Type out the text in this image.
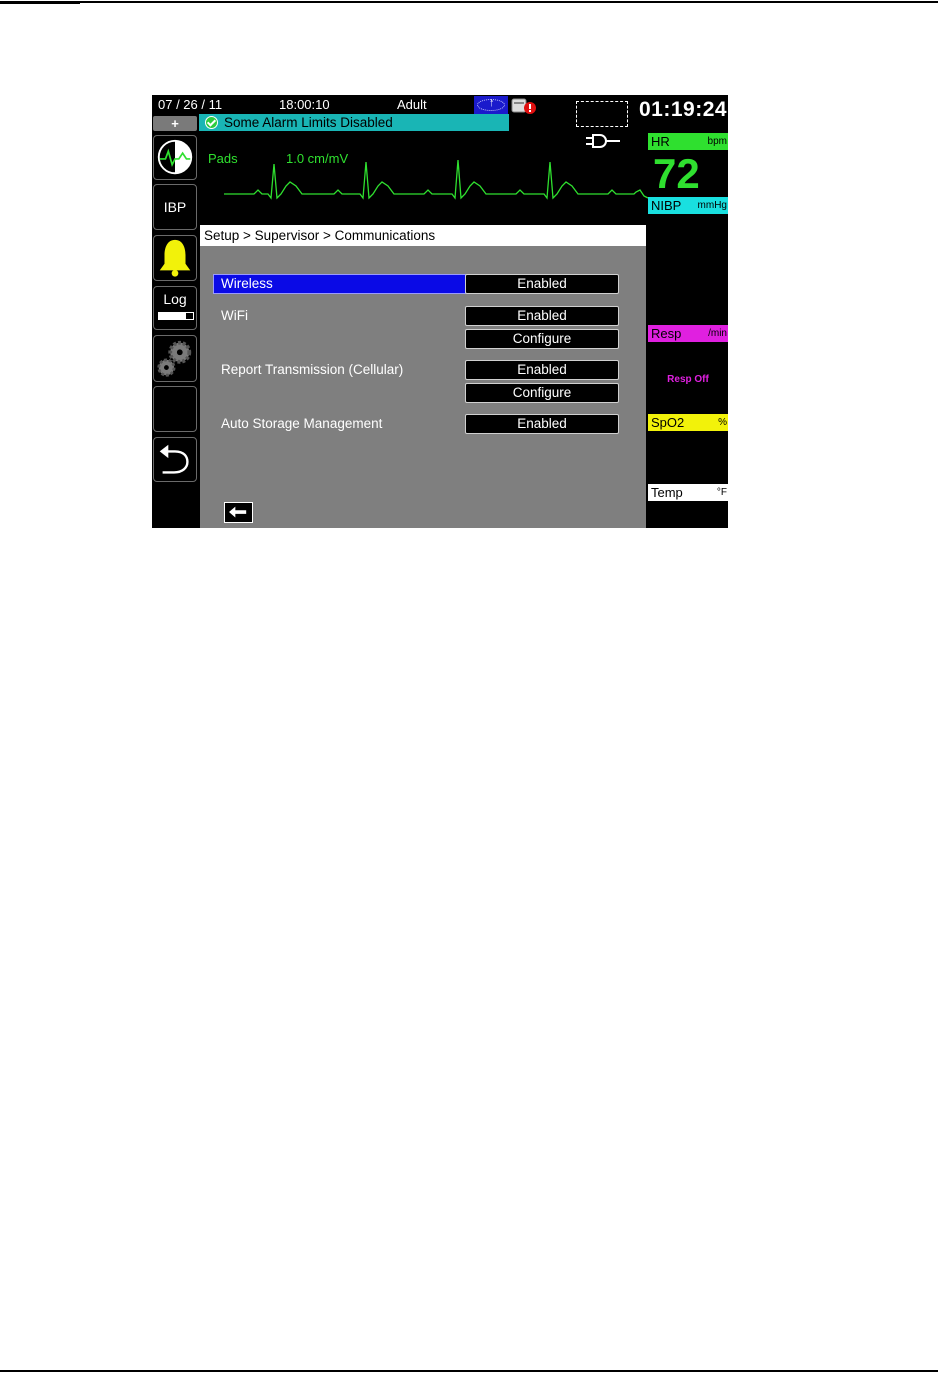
07 / 26 / 11	18:00:10	Adult	↑	01:19:24
+	Some Alarm Limits Disabled
Pads	1.0 cm/mV
IBP
Log
HR	bpm
72
NIBP mmHg
Resp	/min
Resp Off
SpO2	%
Temp	°F
Setup > Supervisor > Communications
Wireless	Enabled
WiFi	Enabled
Configure
Report Transmission (Cellular)	Enabled
Configure
Auto Storage Management	Enabled
